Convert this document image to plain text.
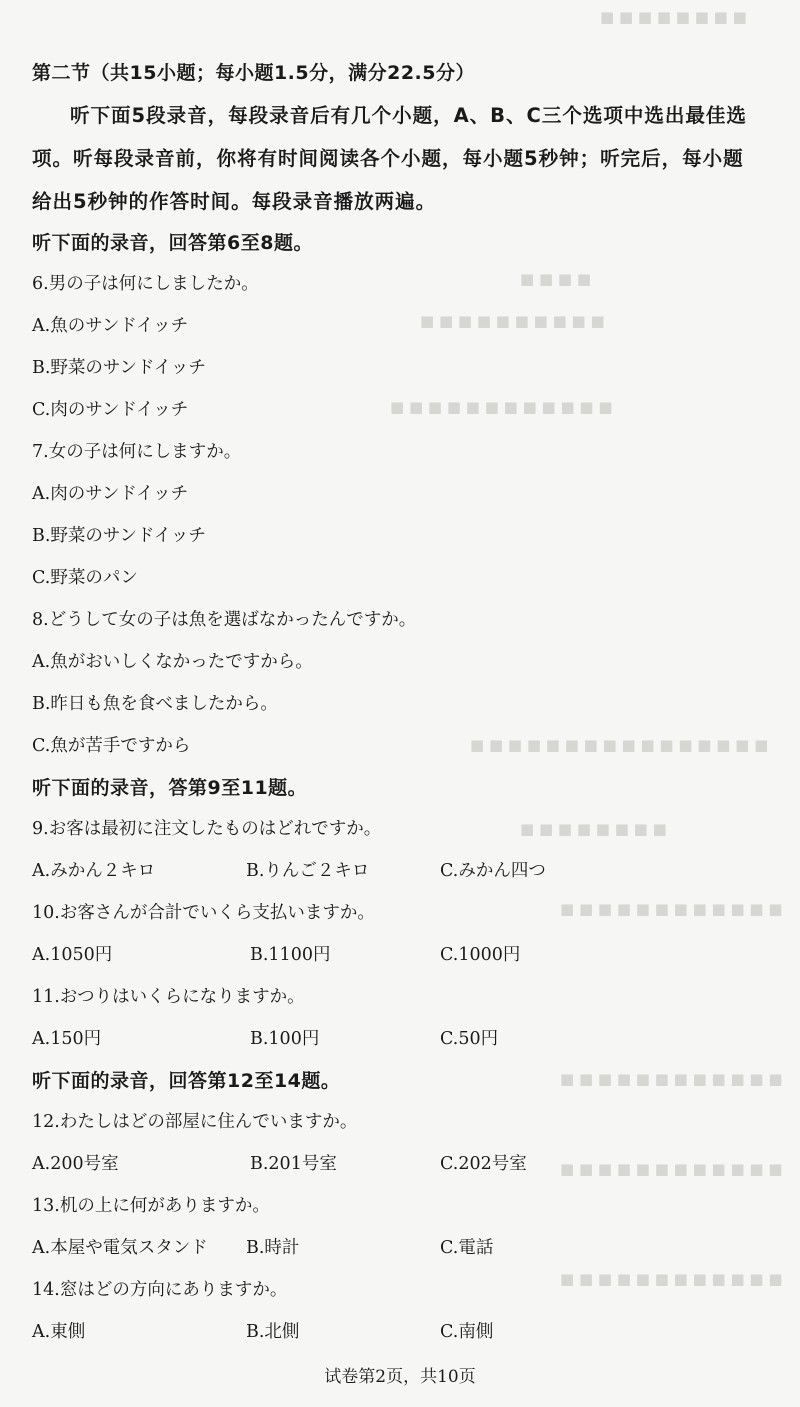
■ ■ ■ ■ ■ ■ ■ ■
■ ■ ■ ■
■ ■ ■ ■ ■ ■ ■ ■ ■ ■
■ ■ ■ ■ ■ ■ ■ ■ ■ ■ ■ ■
■ ■ ■ ■ ■ ■ ■ ■ ■ ■ ■ ■ ■ ■ ■ ■
■ ■ ■ ■ ■ ■ ■ ■
■ ■ ■ ■ ■ ■ ■ ■ ■ ■ ■ ■
■ ■ ■ ■ ■ ■ ■ ■ ■ ■ ■ ■
■ ■ ■ ■ ■ ■ ■ ■ ■ ■ ■ ■
■ ■ ■ ■ ■ ■ ■ ■ ■ ■ ■ ■
第二节（共15小题；每小题1.5分，满分22.5分）
听下面5段录音，每段录音后有几个小题，A、B、C三个选项中选出最佳选
项。听每段录音前，你将有时间阅读各个小题，每小题5秒钟；听完后，每小题
给出5秒钟的作答时间。每段录音播放两遍。
听下面的录音，回答第6至8题。
6.男の子は何にしましたか。
A.魚のサンドイッチ
B.野菜のサンドイッチ
C.肉のサンドイッチ
7.女の子は何にしますか。
A.肉のサンドイッチ
B.野菜のサンドイッチ
C.野菜のパン
8.どうして女の子は魚を選ばなかったんですか。
A.魚がおいしくなかったですから。
B.昨日も魚を食べましたから。
C.魚が苦手ですから
听下面的录音，答第9至11题。
9.お客は最初に注文したものはどれですか。
A.みかん２キロ	B.りんご２キロ	C.みかん四つ
10.お客さんが合計でいくら支払いますか。
A.1050円	B.1100円	C.1000円
11.おつりはいくらになりますか。
A.150円	B.100円	C.50円
听下面的录音，回答第12至14题。
12.わたしはどの部屋に住んでいますか。
A.200号室	B.201号室	C.202号室
13.机の上に何がありますか。
A.本屋や電気スタンド B.時計	C.電話
14.窓はどの方向にありますか。
A.東側	B.北側	C.南側
试卷第2页，共10页
